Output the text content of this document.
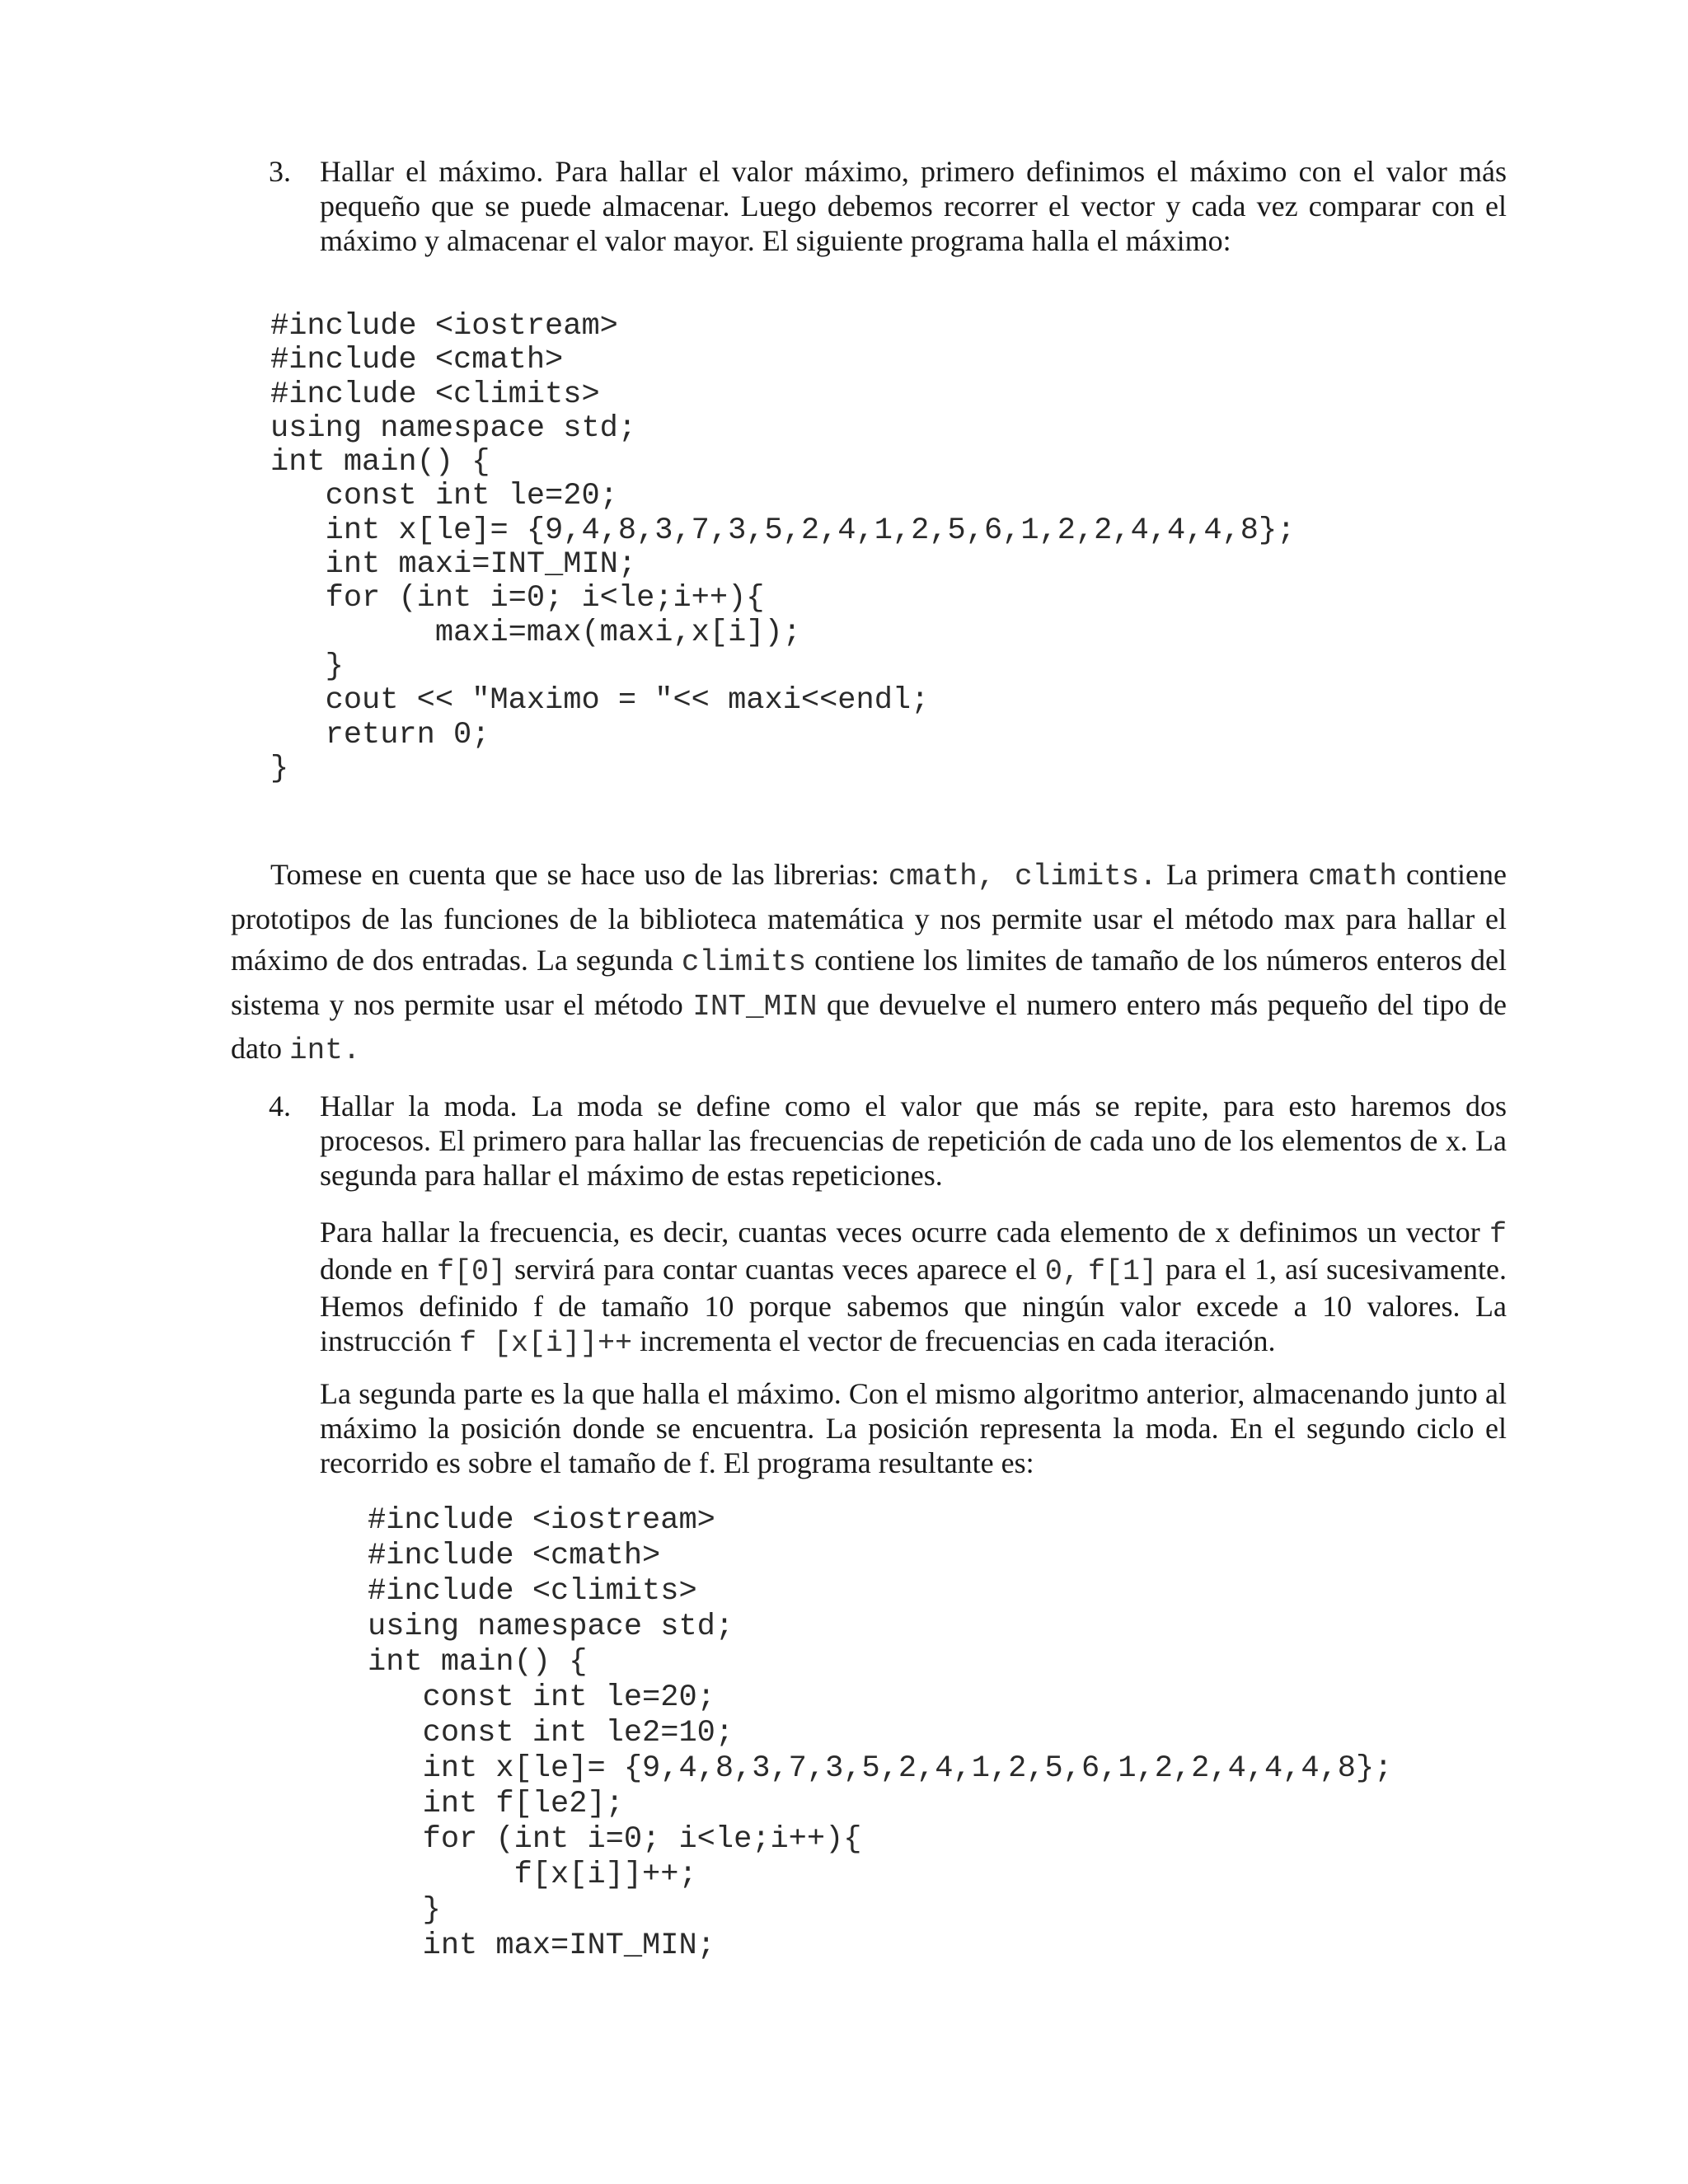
3. Hallar el máximo. Para hallar el valor máximo, primero definimos el máximo con el valor más pequeño que se puede almacenar. Luego debemos recorrer el vector y cada vez comparar con el máximo y almacenar el valor mayor. El siguiente programa halla el máximo:

#include <iostream>
#include <cmath>
#include <climits>
using namespace std;
int main() {
const int le=20;
int x[le]= {9,4,8,3,7,3,5,2,4,1,2,5,6,1,2,2,4,4,4,8};
int maxi=INT_MIN;
for (int i=0; i<le;i++){
maxi=max(maxi,x[i]);
}
cout << "Maximo = "<< maxi<<endl;
return 0;
}
Tomese en cuenta que se hace uso de las librerias: cmath, climits. La primera cmath contiene prototipos de las funciones de la biblioteca matemática y nos permite usar el método max para hallar el máximo de dos entradas. La segunda climits contiene los limites de tamaño de los números enteros del sistema y nos permite usar el método INT_MIN que devuelve el numero entero más pequeño del tipo de dato int.
4. Hallar la moda. La moda se define como el valor que más se repite, para esto haremos dos procesos. El primero para hallar las frecuencias de repetición de cada uno de los elementos de x. La segunda para hallar el máximo de estas repeticiones.

Para hallar la frecuencia, es decir, cuantas veces ocurre cada elemento de x definimos un vector f donde en f[0] servirá para contar cuantas veces aparece el 0, f[1] para el 1, así sucesivamente. Hemos definido f de tamaño 10 porque sabemos que ningún valor excede a 10 valores. La instrucción f [x[i]]++ incrementa el vector de frecuencias en cada iteración.

La segunda parte es la que halla el máximo. Con el mismo algoritmo anterior, almacenando junto al máximo la posición donde se encuentra. La posición representa la moda. En el segundo ciclo el recorrido es sobre el tamaño de f. El programa resultante es:

#include <iostream>
#include <cmath>
#include <climits>
using namespace std;
int main() {
const int le=20;
const int le2=10;
int x[le]= {9,4,8,3,7,3,5,2,4,1,2,5,6,1,2,2,4,4,4,8};
int f[le2];
for (int i=0; i<le;i++){
f[x[i]]++;
}
int max=INT_MIN;
